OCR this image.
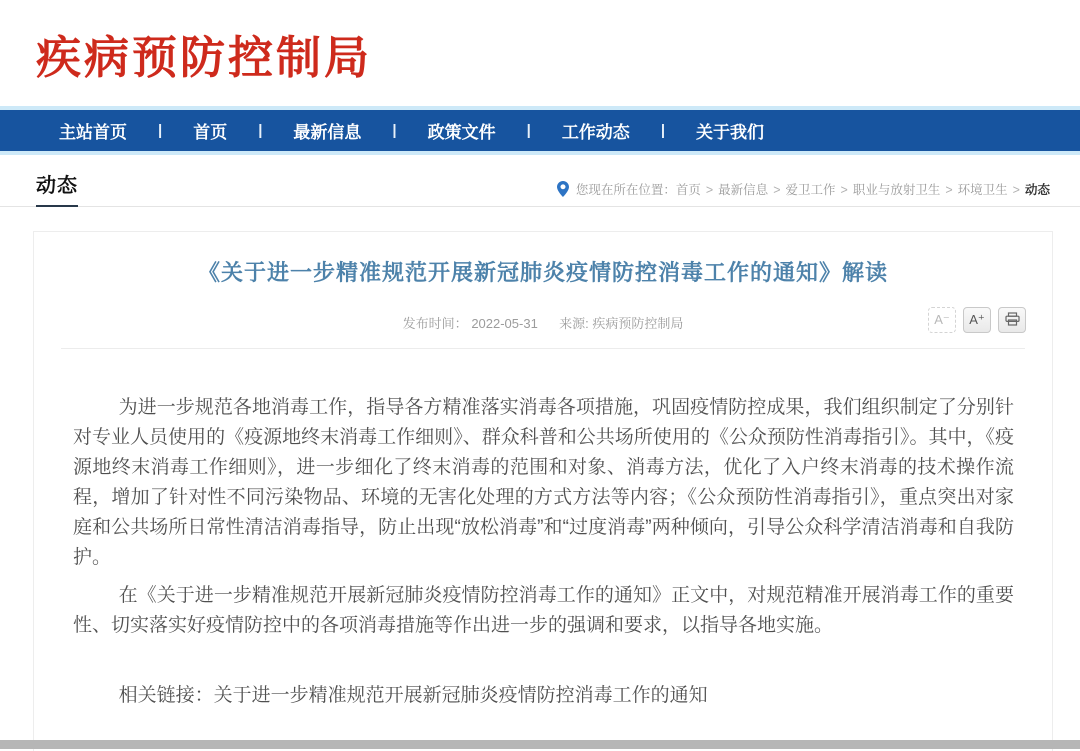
疾病预防控制局
主站首页	|	首页	|	最新信息	|	政策文件	|	工作动态	|	关于我们
动态	您现在所在位置： 首页 > 最新信息 > 爱卫工作 > 职业与放射卫生 > 环境卫生 > 动态
《关于进一步精准规范开展新冠肺炎疫情防控消毒工作的通知》解读
发布时间： 2022-05-31 来源: 疾病预防控制局	A⁻	A⁺

为进一步规范各地消毒工作，指导各方精准落实消毒各项措施，巩固疫情防控成果，我们组织制定了分别针对专业人员使用的《疫源地终末消毒工作细则》、群众科普和公共场所使用的《公众预防性消毒指引》。其中，《疫源地终末消毒工作细则》，进一步细化了终末消毒的范围和对象、消毒方法，优化了入户终末消毒的技术操作流程，增加了针对性不同污染物品、环境的无害化处理的方式方法等内容；《公众预防性消毒指引》，重点突出对家庭和公共场所日常性清洁消毒指导，防止出现“放松消毒”和“过度消毒”两种倾向，引导公众科学清洁消毒和自我防护。

在《关于进一步精准规范开展新冠肺炎疫情防控消毒工作的通知》正文中，对规范精准开展消毒工作的重要性、切实落实好疫情防控中的各项消毒措施等作出进一步的强调和要求，以指导各地实施。

相关链接：关于进一步精准规范开展新冠肺炎疫情防控消毒工作的通知
